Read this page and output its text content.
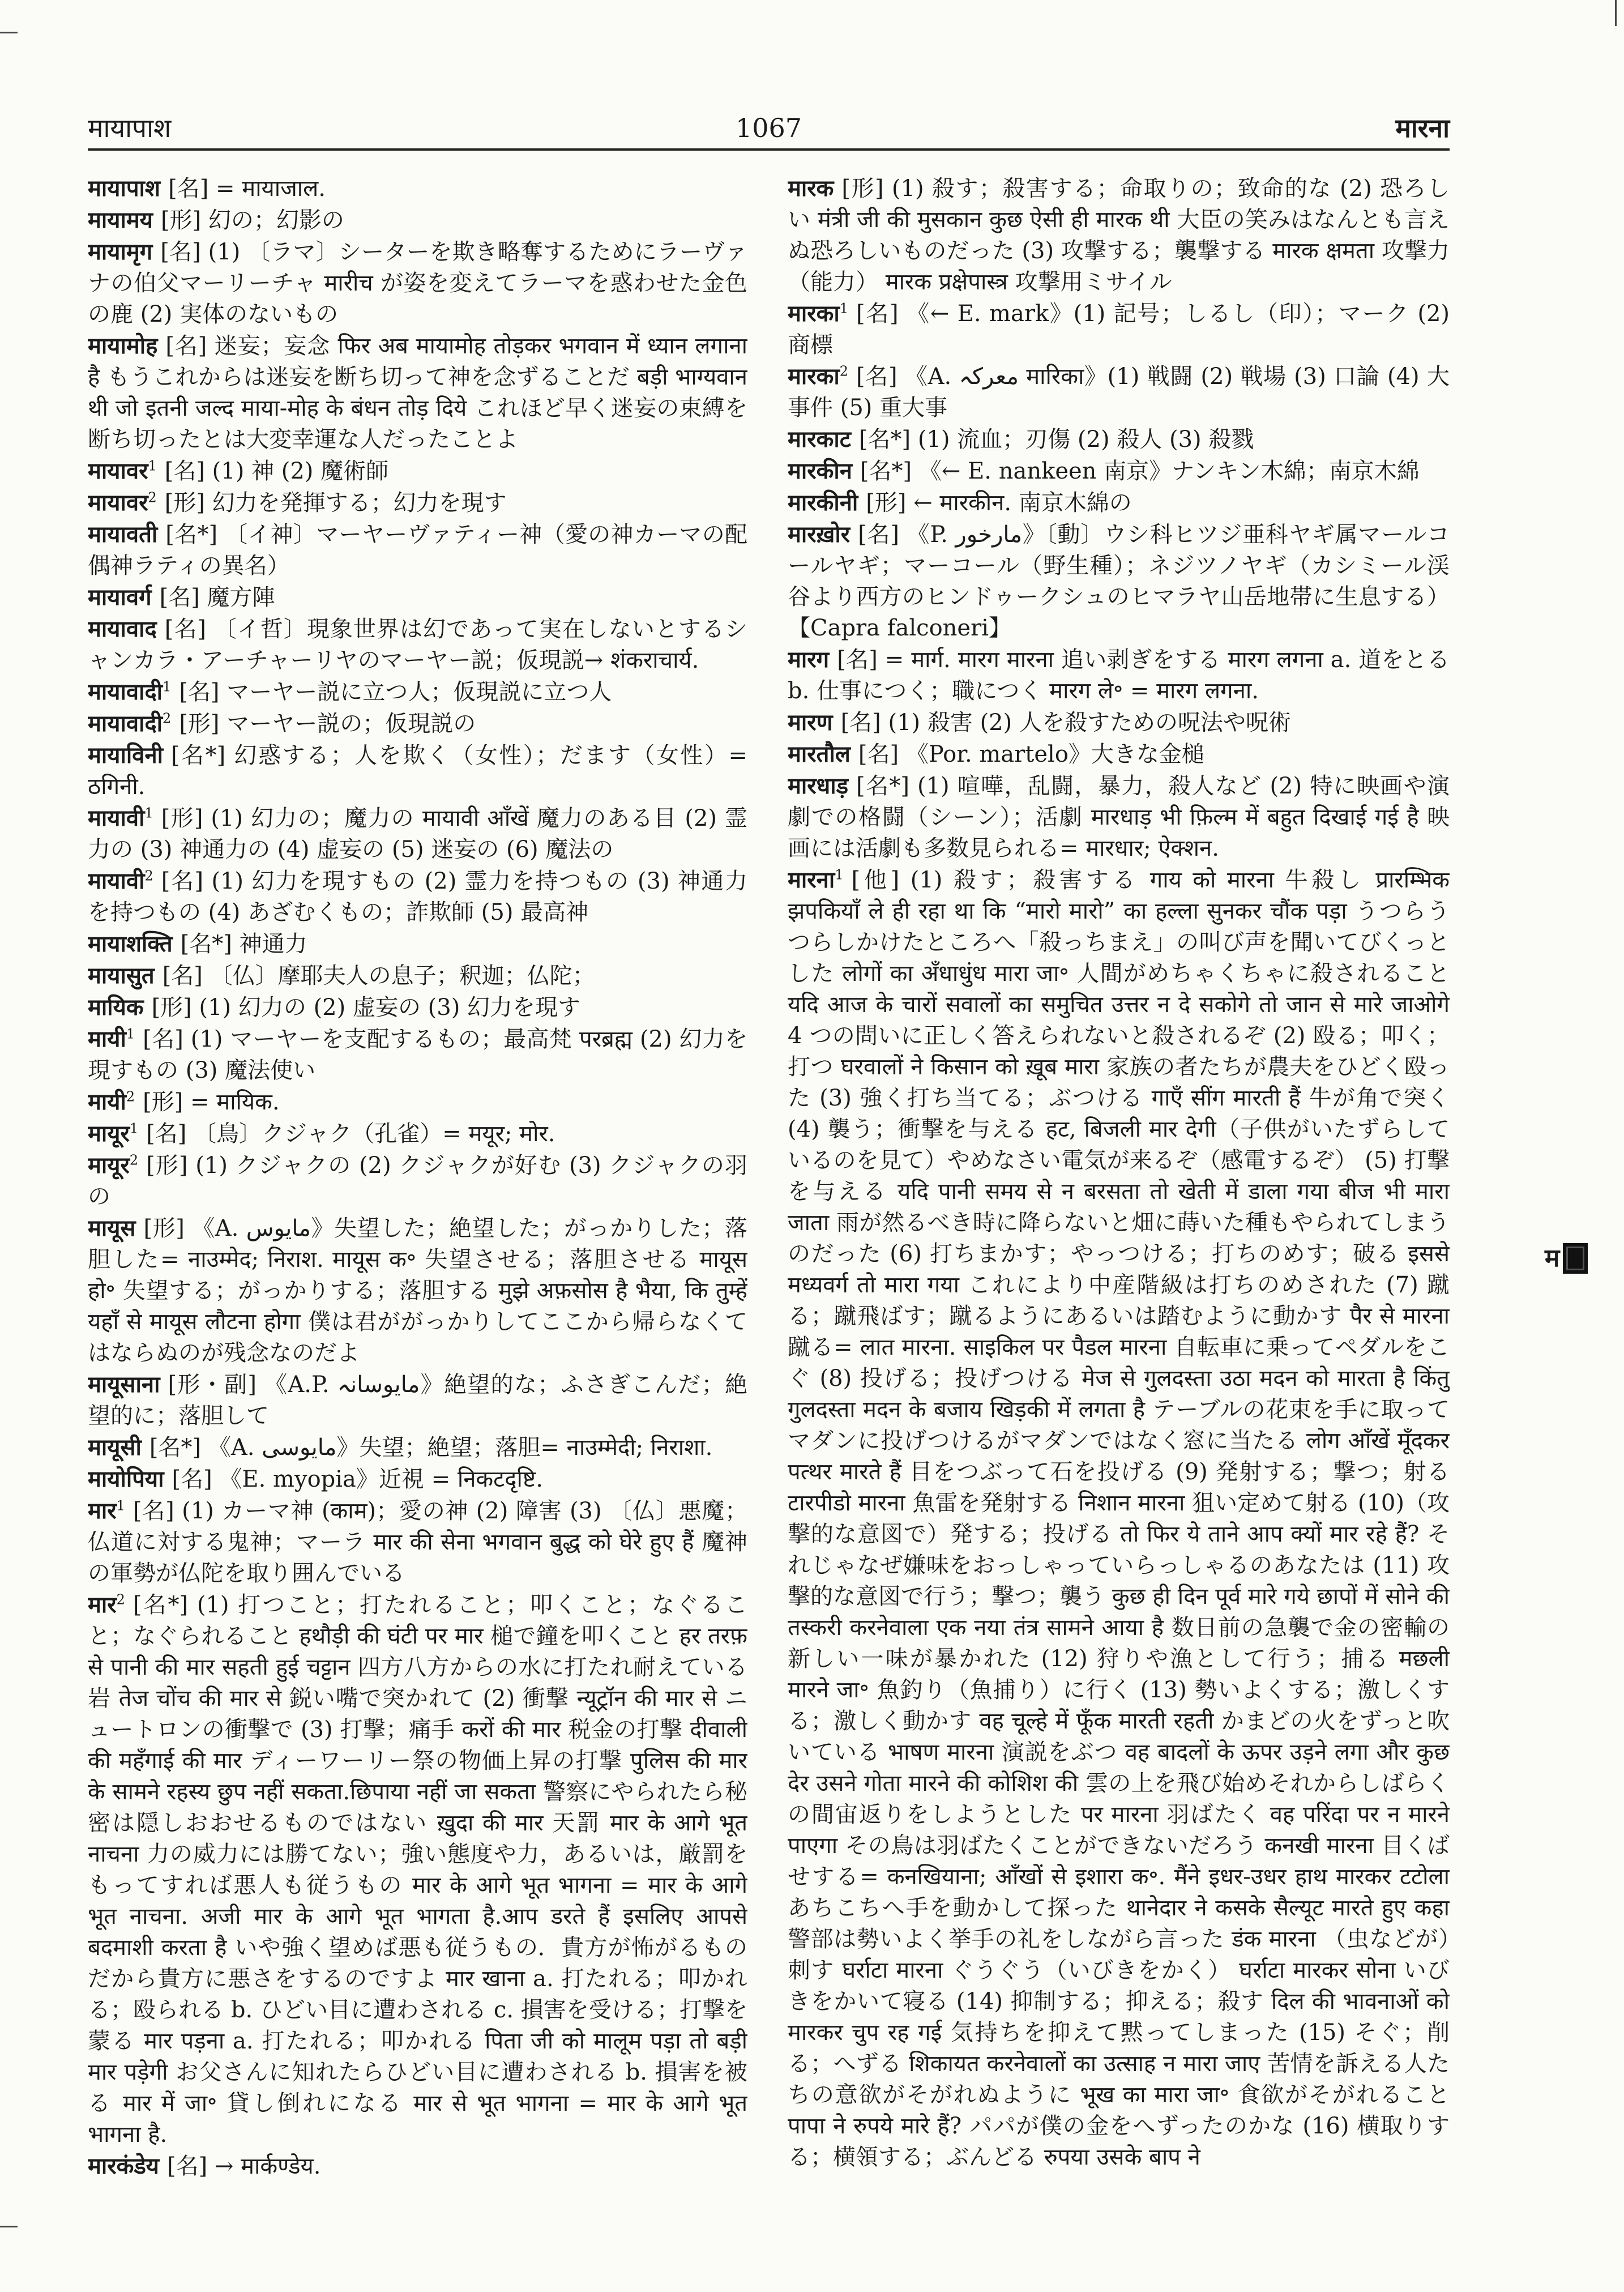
मायापाश	1067	मारना

मायापाश [名] = मायाजाल.

मायामय [形] 幻の；幻影の

मायामृग [名] (1) 〔ラマ〕シーターを欺き略奪するためにラーヴァナの伯父マーリーチャ मारीच が姿を変えてラーマを惑わせた金色の鹿 (2) 実体のないもの

मायामोह [名] 迷妄；妄念 फिर अब मायामोह तोड़कर भगवान में ध्यान लगाना है もうこれからは迷妄を断ち切って神を念ずることだ बड़ी भाग्यवान थी जो इतनी जल्द माया-मोह के बंधन तोड़ दिये これほど早く迷妄の束縛を断ち切ったとは大変幸運な人だったことよ

मायावर$^1$ [名] (1) 神 (2) 魔術師

मायावर$^2$ [形] 幻力を発揮する；幻力を現す

मायावती [名*] 〔イ神〕マーヤーヴァティー神（愛の神カーマの配偶神ラティの異名）

मायावर्ग [名] 魔方陣

मायावाद [名] 〔イ哲〕現象世界は幻であって実在しないとするシャンカラ・アーチャーリヤのマーヤー説；仮現説→ शंकराचार्य.

मायावादी$^1$ [名] マーヤー説に立つ人；仮現説に立つ人

मायावादी$^2$ [形] マーヤー説の；仮現説の

मायाविनी [名*] 幻惑する；人を欺く（女性）；だます（女性）= ठगिनी.

मायावी$^1$ [形] (1) 幻力の；魔力の मायावी आँखें 魔力のある目 (2) 霊力の (3) 神通力の (4) 虚妄の (5) 迷妄の (6) 魔法の

मायावी$^2$ [名] (1) 幻力を現すもの (2) 霊力を持つもの (3) 神通力を持つもの (4) あざむくもの；詐欺師 (5) 最高神

मायाशक्ति [名*] 神通力

मायासुत [名] 〔仏〕摩耶夫人の息子；釈迦；仏陀；

मायिक [形] (1) 幻力の (2) 虚妄の (3) 幻力を現す

मायी$^1$ [名] (1) マーヤーを支配するもの；最高梵 परब्रह्म (2) 幻力を現すもの (3) 魔法使い

मायी$^2$ [形] = मायिक.

मायूर$^1$ [名] 〔鳥〕クジャク（孔雀）= मयूर; मोर.

मायूर$^2$ [形] (1) クジャクの (2) クジャクが好む (3) クジャクの羽の

मायूस [形] 《A. مایوس》失望した；絶望した；がっかりした；落胆した= नाउम्मेद; निराश. मायूस क॰ 失望させる；落胆させる मायूस हो॰ 失望する；がっかりする；落胆する मुझे अफ़सोस है भैया, कि तुम्हें यहाँ से मायूस लौटना होगा 僕は君ががっかりしてここから帰らなくてはならぬのが残念なのだよ

मायूसाना [形・副] 《A.P. مایوسانہ》絶望的な；ふさぎこんだ；絶望的に；落胆して

मायूसी [名*] 《A. مایوسی》失望；絶望；落胆= नाउम्मेदी; निराशा.

मायोपिया [名] 《E. myopia》近視 = निकटदृष्टि.

मार$^1$ [名] (1) カーマ神 (काम)；愛の神 (2) 障害 (3) 〔仏〕悪魔；仏道に対する鬼神；マーラ मार की सेना भगवान बुद्ध को घेरे हुए हैं 魔神の軍勢が仏陀を取り囲んでいる

मार$^2$ [名*] (1) 打つこと；打たれること；叩くこと；なぐること；なぐられること हथौड़ी की घंटी पर मार 槌で鐘を叩くこと हर तरफ़ से पानी की मार सहती हुई चट्टान 四方八方からの水に打たれ耐えている岩 तेज चोंच की मार से 鋭い嘴で突かれて (2) 衝撃 न्यूट्रॉन की मार से ニュートロンの衝撃で (3) 打撃；痛手 करों की मार 税金の打撃 दीवाली की महँगाई की मार ディーワーリー祭の物価上昇の打撃 पुलिस की मार के सामने रहस्य छुप नहीं सकता.छिपाया नहीं जा सकता 警察にやられたら秘密は隠しおおせるものではない ख़ुदा की मार 天罰 मार के आगे भूत नाचना 力の威力には勝てない；強い態度や力，あるいは，厳罰をもってすれば悪人も従うもの मार के आगे भूत भागना = मार के आगे भूत नाचना. अजी मार के आगे भूत भागता है.आप डरते हैं इसलिए आपसे बदमाशी करता है いや強く望めば悪も従うもの．貴方が怖がるものだから貴方に悪さをするのですよ मार खाना a. 打たれる；叩かれる；殴られる b. ひどい目に遭わされる c. 損害を受ける；打撃を蒙る मार पड़ना a. 打たれる；叩かれる पिता जी को मालूम पड़ा तो बड़ी मार पड़ेगी お父さんに知れたらひどい目に遭わされる b. 損害を被る मार में जा॰ 貸し倒れになる मार से भूत भागना = मार के आगे भूत भागना है.

मारकंडेय [名] → मार्कण्डेय.

मारक [形] (1) 殺す；殺害する；命取りの；致命的な (2) 恐ろしい मंत्री जी की मुसकान कुछ ऐसी ही मारक थी 大臣の笑みはなんとも言えぬ恐ろしいものだった (3) 攻撃する；襲撃する मारक क्षमता 攻撃力（能力） मारक प्रक्षेपास्त्र 攻撃用ミサイル

मारका$^1$ [名] 《← E. mark》(1) 記号；しるし（印）；マーク (2) 商標

मारका$^2$ [名] 《A. معرکہ मारिका》(1) 戦闘 (2) 戦場 (3) 口論 (4) 大事件 (5) 重大事

मारकाट [名*] (1) 流血；刃傷 (2) 殺人 (3) 殺戮

मारकीन [名*] 《← E. nankeen 南京》ナンキン木綿；南京木綿

मारकीनी [形] ← मारकीन. 南京木綿の

मारख़ोर [名] 《P. مارخور》〔動〕ウシ科ヒツジ亜科ヤギ属マールコールヤギ；マーコール（野生種）；ネジツノヤギ（カシミール渓谷より西方のヒンドゥークシュのヒマラヤ山岳地帯に生息する）【Capra falconeri】

मारग [名] = मार्ग. मारग मारना 追い剥ぎをする मारग लगना a. 道をとる b. 仕事につく；職につく मारग ले॰ = मारग लगना.

मारण [名] (1) 殺害 (2) 人を殺すための呪法や呪術

मारतौल [名] 《Por. martelo》大きな金槌

मारधाड़ [名*] (1) 喧嘩，乱闘，暴力，殺人など (2) 特に映画や演劇での格闘（シーン）；活劇 मारधाड़ भी फ़िल्म में बहुत दिखाई गई है 映画には活劇も多数見られる= मारधार; ऐक्शन.

मारना$^1$ [他] (1) 殺す；殺害する गाय को मारना 牛殺し प्रारम्भिक झपकियाँ ले ही रहा था कि “मारो मारो” का हल्ला सुनकर चौंक पड़ा うつらうつらしかけたところへ「殺っちまえ」の叫び声を聞いてびくっとした लोगों का अँधाधुंध मारा जा॰ 人間がめちゃくちゃに殺されること यदि आज के चारों सवालों का समुचित उत्तर न दे सकोगे तो जान से मारे जाओगे 4 つの問いに正しく答えられないと殺されるぞ (2) 殴る；叩く；打つ घरवालों ने किसान को ख़ूब मारा 家族の者たちが農夫をひどく殴った (3) 強く打ち当てる；ぶつける गाएँ सींग मारती हैं 牛が角で突く (4) 襲う；衝撃を与える हट, बिजली मार देगी（子供がいたずらしているのを見て）やめなさい電気が来るぞ（感電するぞ） (5) 打撃を与える यदि पानी समय से न बरसता तो खेती में डाला गया बीज भी मारा जाता 雨が然るべき時に降らないと畑に蒔いた種もやられてしまうのだった (6) 打ちまかす；やっつける；打ちのめす；破る इससे मध्यवर्ग तो मारा गया これにより中産階級は打ちのめされた (7) 蹴る；蹴飛ばす；蹴るようにあるいは踏むように動かす पैर से मारना 蹴る= लात मारना. साइकिल पर पैडल मारना 自転車に乗ってペダルをこぐ (8) 投げる；投げつける मेज से गुलदस्ता उठा मदन को मारता है किंतु गुलदस्ता मदन के बजाय खिड़की में लगता है テーブルの花束を手に取ってマダンに投げつけるがマダンではなく窓に当たる लोग आँखें मूँदकर पत्थर मारते हैं 目をつぶって石を投げる (9) 発射する；撃つ；射る टारपीडो मारना 魚雷を発射する निशान मारना 狙い定めて射る (10)（攻撃的な意図で）発する；投げる तो फिर ये ताने आप क्यों मार रहे हैं? それじゃなぜ嫌味をおっしゃっていらっしゃるのあなたは (11) 攻撃的な意図で行う；撃つ；襲う कुछ ही दिन पूर्व मारे गये छापों में सोने की तस्करी करनेवाला एक नया तंत्र सामने आया है 数日前の急襲で金の密輸の新しい一味が暴かれた (12) 狩りや漁として行う；捕る मछली मारने जा॰ 魚釣り（魚捕り）に行く (13) 勢いよくする；激しくする；激しく動かす वह चूल्हे में फूँक मारती रहती かまどの火をずっと吹いている भाषण मारना 演説をぶつ वह बादलों के ऊपर उड़ने लगा और कुछ देर उसने गोता मारने की कोशिश की 雲の上を飛び始めそれからしばらくの間宙返りをしようとした पर मारना 羽ばたく वह परिंदा पर न मारने पाएगा その鳥は羽ばたくことができないだろう कनखी मारना 目くばせする= कनखियाना; आँखों से इशारा क॰. मैंने इधर-उधर हाथ मारकर टटोला あちこちへ手を動かして探った थानेदार ने कसके सैल्यूट मारते हुए कहा 警部は勢いよく挙手の礼をしながら言った डंक मारना （虫などが）刺す घर्राटा मारना ぐうぐう（いびきをかく） घर्राटा मारकर सोना いびきをかいて寝る (14) 抑制する；抑える；殺す दिल की भावनाओं को मारकर चुप रह गई 気持ちを抑えて黙ってしまった (15) そぐ；削る；へずる शिकायत करनेवालों का उत्साह न मारा जाए 苦情を訴える人たちの意欲がそがれぬように भूख का मारा जा॰ 食欲がそがれること पापा ने रुपये मारे हैं? パパが僕の金をへずったのかな (16) 横取りする；横領する；ぶんどる रुपया उसके बाप ने

म
